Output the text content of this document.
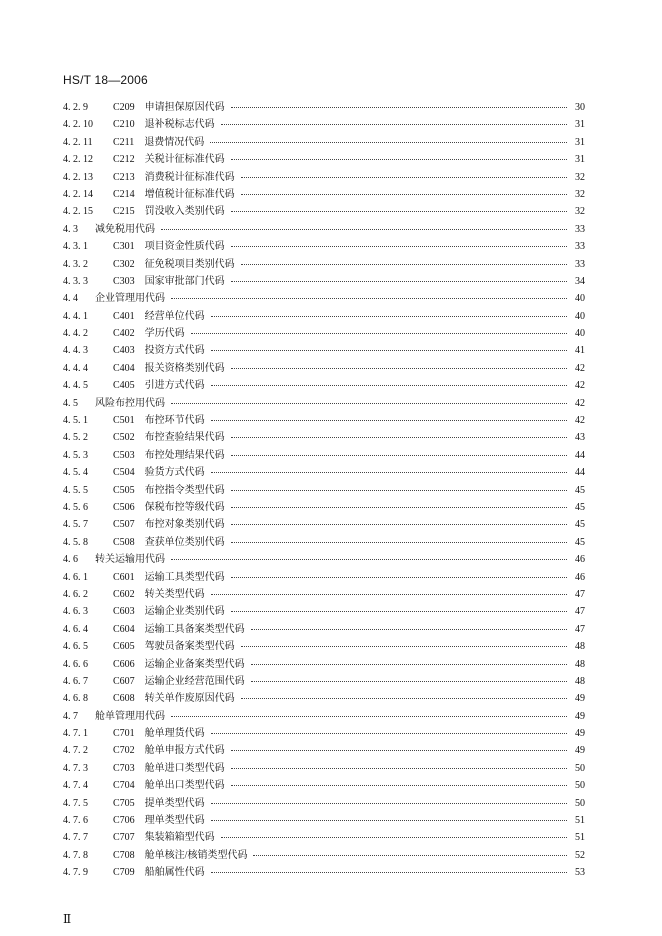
HS/T 18—2006
4. 2. 9	C209 申请担保原因代码	30
4. 2. 10	C210 退补税标志代码	31
4. 2. 11	C211 退费情况代码	31
4. 2. 12	C212 关税计征标准代码	31
4. 2. 13	C213 消费税计征标准代码	32
4. 2. 14	C214 增值税计征标准代码	32
4. 2. 15	C215 罚没收入类别代码	32
4. 3	减免税用代码	33
4. 3. 1	C301 项目资金性质代码	33
4. 3. 2	C302 征免税项目类别代码	33
4. 3. 3	C303 国家审批部门代码	34
4. 4	企业管理用代码	40
4. 4. 1	C401 经营单位代码	40
4. 4. 2	C402 学历代码	40
4. 4. 3	C403 投资方式代码	41
4. 4. 4	C404 报关资格类别代码	42
4. 4. 5	C405 引进方式代码	42
4. 5	风险布控用代码	42
4. 5. 1	C501 布控环节代码	42
4. 5. 2	C502 布控查验结果代码	43
4. 5. 3	C503 布控处理结果代码	44
4. 5. 4	C504 验货方式代码	44
4. 5. 5	C505 布控指令类型代码	45
4. 5. 6	C506 保税布控等级代码	45
4. 5. 7	C507 布控对象类别代码	45
4. 5. 8	C508 查获单位类别代码	45
4. 6	转关运输用代码	46
4. 6. 1	C601 运输工具类型代码	46
4. 6. 2	C602 转关类型代码	47
4. 6. 3	C603 运输企业类别代码	47
4. 6. 4	C604 运输工具备案类型代码	47
4. 6. 5	C605 驾驶员备案类型代码	48
4. 6. 6	C606 运输企业备案类型代码	48
4. 6. 7	C607 运输企业经营范围代码	48
4. 6. 8	C608 转关单作废原因代码	49
4. 7	舱单管理用代码	49
4. 7. 1	C701 舱单理货代码	49
4. 7. 2	C702 舱单申报方式代码	49
4. 7. 3	C703 舱单进口类型代码	50
4. 7. 4	C704 舱单出口类型代码	50
4. 7. 5	C705 提单类型代码	50
4. 7. 6	C706 理单类型代码	51
4. 7. 7	C707 集装箱箱型代码	51
4. 7. 8	C708 舱单核注/核销类型代码	52
4. 7. 9	C709 船舶属性代码	53
Ⅱ
